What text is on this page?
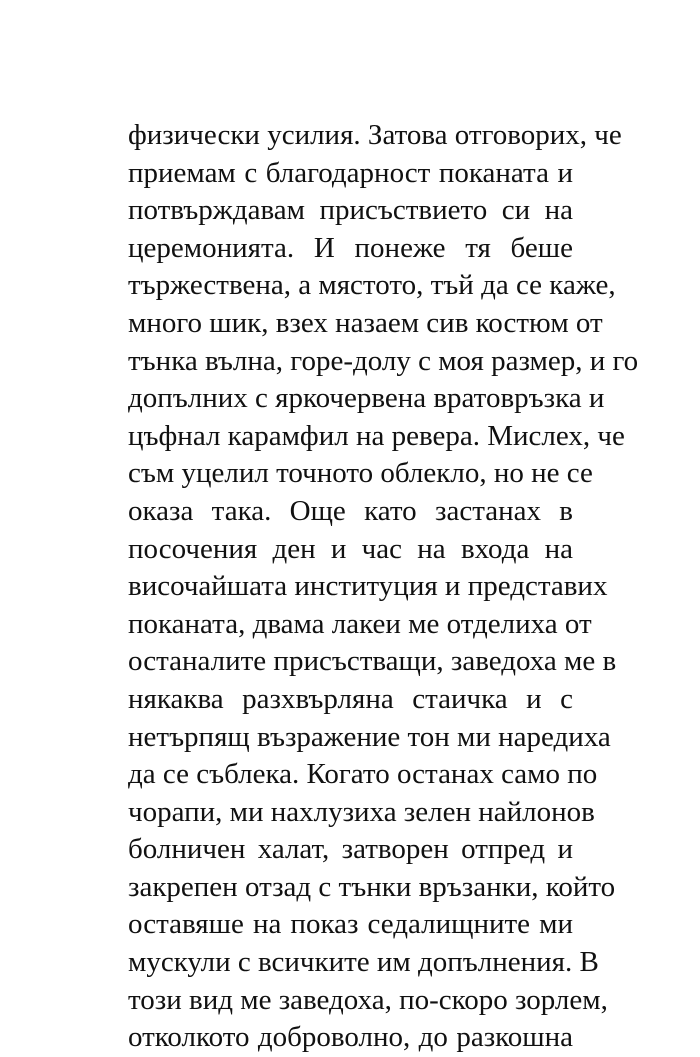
физически усилия. Затова отговорих, че
приемам с благодарност поканата и
потвърждавам присъствието си на
церемонията. И понеже тя беше
тържествена, а мястото, тъй да се каже,
много шик, взех назаем сив костюм от
тънка вълна, горе-долу с моя размер, и го
допълних с яркочервена вратовръзка и
цъфнал карамфил на ревера. Мислех, че
съм уцелил точното облекло, но не се
оказа така. Още като застанах в
посочения ден и час на входа на
височайшата институция и представих
поканата, двама лакеи ме отделиха от
останалите присъстващи, заведоха ме в
някаква разхвърляна стаичка и с
нетърпящ възражение тон ми наредиха
да се съблека. Когато останах само по
чорапи, ми нахлузиха зелен найлонов
болничен халат, затворен отпред и
закрепен отзад с тънки връзанки, който
оставяше на показ седалищните ми
мускули с всичките им допълнения. В
този вид ме заведоха, по-скоро зорлем,
отколкото доброволно, до разкошна
